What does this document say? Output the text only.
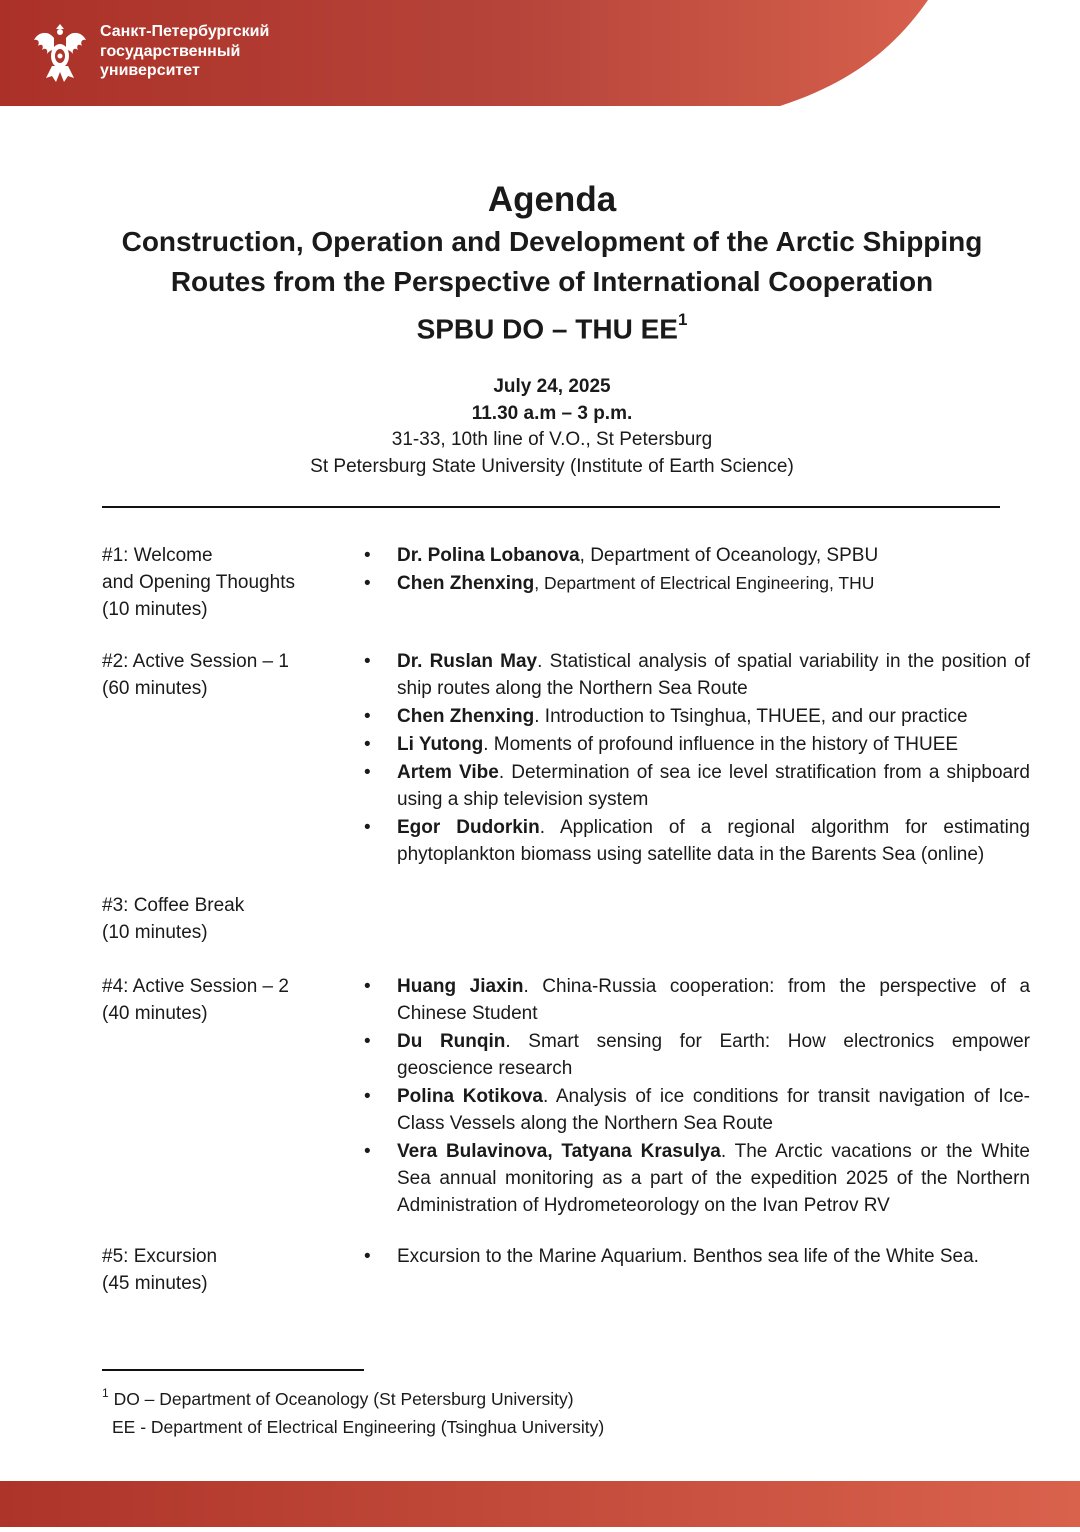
Санкт-Петербургский
государственный
университет
Agenda
Construction, Operation and Development of the Arctic Shipping
Routes from the Perspective of International Cooperation
SPBU DO – THU $EE^1$
July 24, 2025
11.30 a.m – 3 p.m.
31-33, 10th line of V.O., St Petersburg
St Petersburg State University (Institute of Earth Science)
#1: Welcome
and Opening Thoughts
(10 minutes)
• Dr. Polina Lobanova, Department of Oceanology, SPBU
• Chen Zhenxing, Department of Electrical Engineering, THU
#2: Active Session – 1
(60 minutes)
• Dr. Ruslan May. Statistical analysis of spatial variability in the position of ship routes along the Northern Sea Route
• Chen Zhenxing. Introduction to Tsinghua, THUEE, and our practice
• Li Yutong. Moments of profound influence in the history of THUEE
• Artem Vibe. Determination of sea ice level stratification from a shipboard using a ship television system
• Egor Dudorkin. Application of a regional algorithm for estimating phytoplankton biomass using satellite data in the Barents Sea (online)
#3: Coffee Break
(10 minutes)
#4: Active Session – 2
(40 minutes)
• Huang Jiaxin. China-Russia cooperation: from the perspective of a Chinese Student
• Du Runqin. Smart sensing for Earth: How electronics empower geoscience research
• Polina Kotikova. Analysis of ice conditions for transit navigation of Ice-Class Vessels along the Northern Sea Route
• Vera Bulavinova, Tatyana Krasulya. The Arctic vacations or the White Sea annual monitoring as a part of the expedition 2025 of the Northern Administration of Hydrometeorology on the Ivan Petrov RV
#5: Excursion
(45 minutes)
• Excursion to the Marine Aquarium. Benthos sea life of the White Sea.
$^1$ DO – Department of Oceanology (St Petersburg University)
EE - Department of Electrical Engineering (Tsinghua University)
